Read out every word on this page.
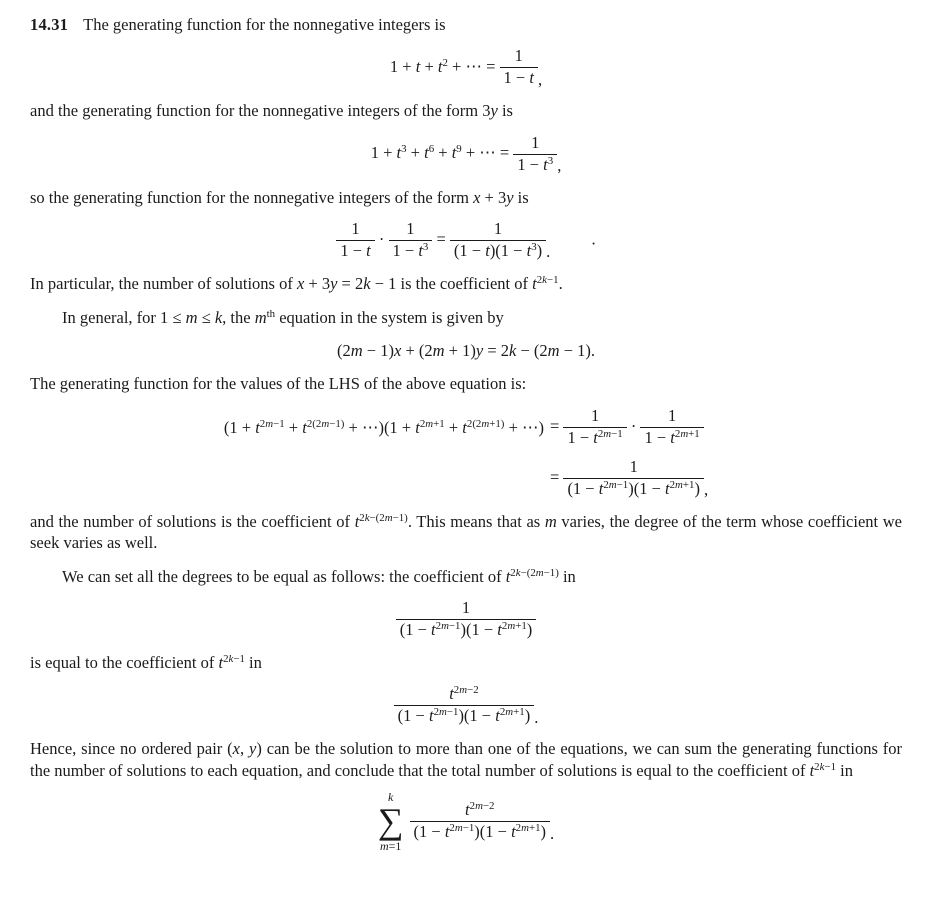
14.31 The generating function for the nonnegative integers is

$1 + t + t^2$ + ⋯ = $\frac{1}{1 - t}$ ,

and the generating function for the nonnegative integers of the form 3y is

$1 + t^3 + t^6 + t^9$ + ⋯ = $\frac{1}{1 - t^3}$ ,

so the generating function for the nonnegative integers of the form x + 3y is

$\frac{1}{1 - t} \cdot \frac{1}{1 - t^3} = \frac{1}{(1 - t)(1 - t^3)}$ .          .

In particular, the number of solutions of x + 3y = 2k − 1 is the coefficient of $t^{2k-1}$.

In general, for 1 ≤ m ≤ k, the $m^{th}$ equation in the system is given by

(2m − 1)x + (2m + 1)y = 2k − (2m − 1).

The generating function for the values of the LHS of the above equation is:

($1 + t^{2m-1} + t^{2(2m-1)}$ + ⋯)(1 + $t^{2m+1} + t^{2(2m+1)}$ + ⋯) = $\frac{1}{1 - t^{2m-1}} \cdot \frac{1}{1 - t^{2m+1}}$
= $\frac{1}{(1 - t^{2m-1})(1 - t^{2m+1})}$ ,

and the number of solutions is the coefficient of $t^{2k-(2m-1)}$. This means that as m varies, the degree of the term whose coefficient we seek varies as well.

We can set all the degrees to be equal as follows: the coefficient of $t^{2k-(2m-1)}$ in

$\frac{1}{(1 - t^{2m-1})(1 - t^{2m+1})}$

is equal to the coefficient of $t^{2k-1}$ in

$\frac{t^{2m-2}}{(1 - t^{2m-1})(1 - t^{2m+1})}$ .

Hence, since no ordered pair (x, y) can be the solution to more than one of the equations, we can sum the generating functions for the number of solutions to each equation, and conclude that the total number of solutions is equal to the coefficient of $t^{2k-1}$ in

k
∑
m=1
$\frac{t^{2m-2}}{(1 - t^{2m-1})(1 - t^{2m+1})}$ .
